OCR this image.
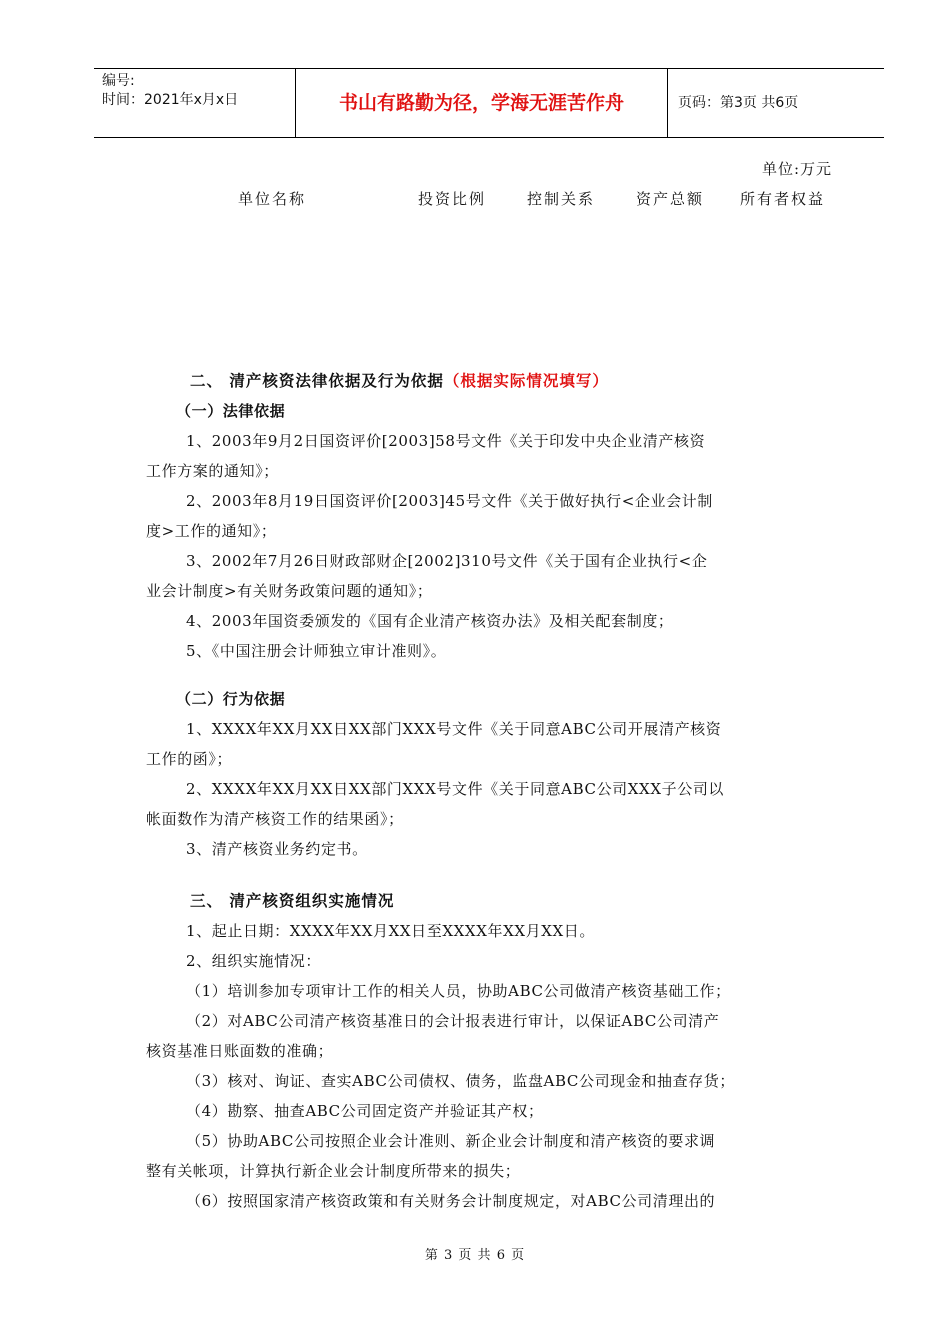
编号:
时间：2021年x月x日	书山有路勤为径，学海无涯苦作舟	页码：第3页 共6页
单位:万元
单位名称	投资比例	控制关系	资产总额 所有者权益
二、 清产核资法律依据及行为依据（根据实际情况填写）
（一）法律依据
1、2003年9月2日国资评价[2003]58号文件《关于印发中央企业清产核资
工作方案的通知》；
2、2003年8月19日国资评价[2003]45号文件《关于做好执行<企业会计制
度>工作的通知》；
3、2002年7月26日财政部财企[2002]310号文件《关于国有企业执行<企
业会计制度>有关财务政策问题的通知》；
4、2003年国资委颁发的《国有企业清产核资办法》及相关配套制度；
5、《中国注册会计师独立审计准则》。
（二）行为依据
1、XXXX年XX月XX日XX部门XXX号文件《关于同意ABC公司开展清产核资
工作的函》；
2、XXXX年XX月XX日XX部门XXX号文件《关于同意ABC公司XXX子公司以
帐面数作为清产核资工作的结果函》；
3、清产核资业务约定书。
三、 清产核资组织实施情况
1、起止日期：XXXX年XX月XX日至XXXX年XX月XX日。
2、组织实施情况：
（1）培训参加专项审计工作的相关人员，协助ABC公司做清产核资基础工作；
（2）对ABC公司清产核资基准日的会计报表进行审计，以保证ABC公司清产
核资基准日账面数的准确；
（3）核对、询证、查实ABC公司债权、债务，监盘ABC公司现金和抽查存货；
（4）勘察、抽查ABC公司固定资产并验证其产权；
（5）协助ABC公司按照企业会计准则、新企业会计制度和清产核资的要求调
整有关帐项，计算执行新企业会计制度所带来的损失；
（6）按照国家清产核资政策和有关财务会计制度规定，对ABC公司清理出的
第 3 页 共 6 页
